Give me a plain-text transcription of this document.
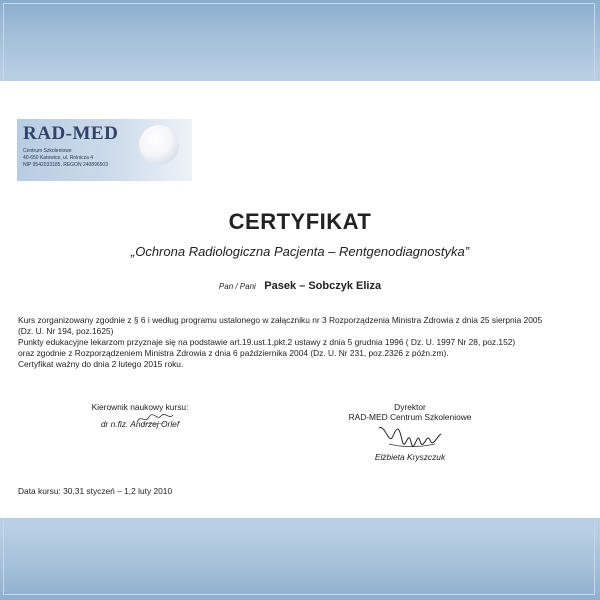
RAD-MED
Centrum Szkoleniowe
40-650 Katowice, ul. Rolnicza 4
NIP 9542033185, REGON 240896503
CERTYFIKAT
„Ochrona Radiologiczna Pacjenta – Rentgenodiagnostyka”
Pan / Pani Pasek – Sobczyk Eliza
Kurs zorganizowany zgodnie z § 6 i według programu ustalonego w załączniku nr 3 Rozporządzenia Ministra Zdrowia z dnia 25 sierpnia 2005
(Dz. U. Nr 194, poz.1625)
Punkty edukacyjne lekarzom przyznaje się na podstawie art.19.ust.1,pkt.2 ustawy z dnia 5 grudnia 1996 ( Dz. U. 1997 Nr 28, poz.152)
oraz zgodnie z Rozporządzeniem Ministra Zdrowia z dnia 6 października 2004 (Dz. U. Nr 231, poz.2326 z późn.zm).
Certyfikat ważny do dnia 2 lutego 2015 roku.
Kierownik naukowy kursu:
dr n.fiz. Andrzej Orlef
Dyrektor
RAD-MED Centrum Szkoleniowe
Elżbieta Kryszczuk
Data kursu: 30,31 styczeń – 1,2 luty 2010
